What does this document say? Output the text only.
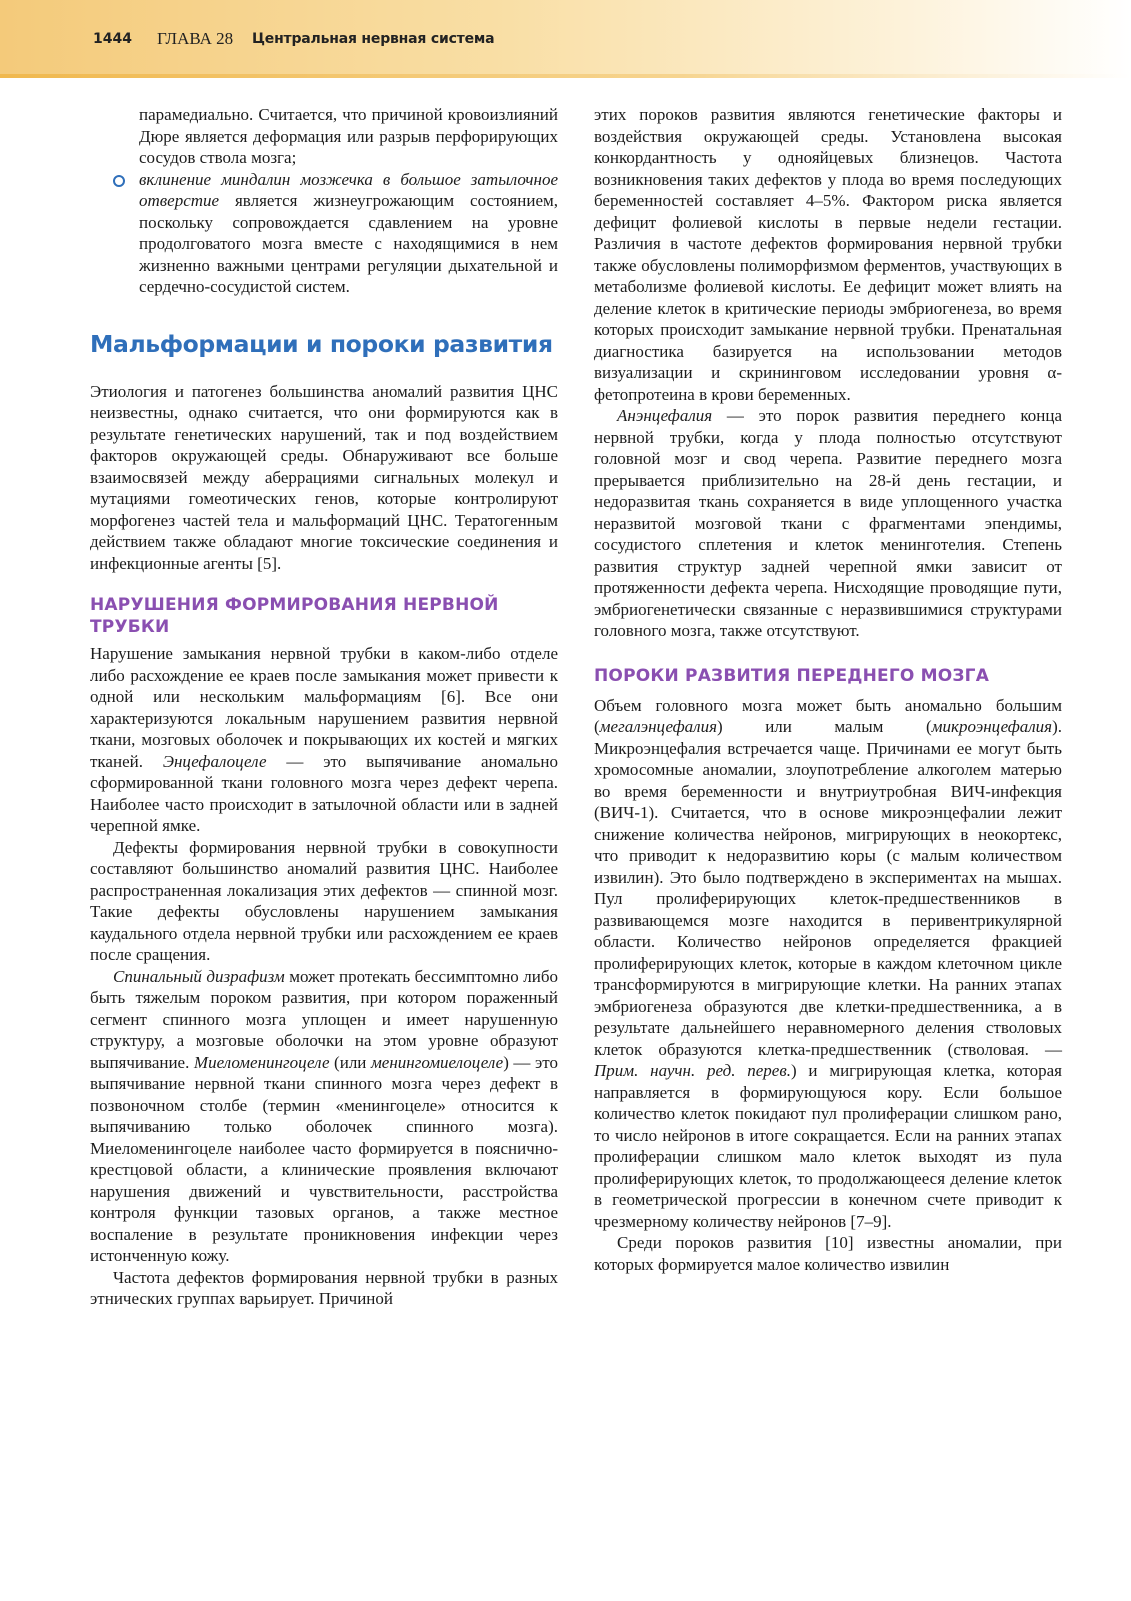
1444 ГЛАВА 28 Центральная нервная система

парамедиально. Считается, что причиной кровоизлияний Дюре является деформация или разрыв перфорирующих сосудов ствола мозга;

вклинение миндалин мозжечка в большое затылочное отверстие является жизнеугрожающим состоянием, поскольку сопровождается сдавлением на уровне продолговатого мозга вместе с находящимися в нем жизненно важными центрами регуляции дыхательной и сердечно-сосудистой систем.

Мальформации и пороки развития

Этиология и патогенез большинства аномалий развития ЦНС неизвестны, однако считается, что они формируются как в результате генетических нарушений, так и под воздействием факторов окружающей среды. Обнаруживают все больше взаимосвязей между аберрациями сигнальных молекул и мутациями гомеотических генов, которые контролируют морфогенез частей тела и мальформаций ЦНС. Тератогенным действием также обладают многие токсические соединения и инфекционные агенты [5].

НАРУШЕНИЯ ФОРМИРОВАНИЯ НЕРВНОЙ ТРУБКИ

Нарушение замыкания нервной трубки в каком-либо отделе либо расхождение ее краев после замыкания может привести к одной или нескольким мальформациям [6]. Все они характеризуются локальным нарушением развития нервной ткани, мозговых оболочек и покрывающих их костей и мягких тканей. Энцефалоцеле — это выпячивание аномально сформированной ткани головного мозга через дефект черепа. Наиболее часто происходит в затылочной области или в задней черепной ямке.

Дефекты формирования нервной трубки в совокупности составляют большинство аномалий развития ЦНС. Наиболее распространенная локализация этих дефектов — спинной мозг. Такие дефекты обусловлены нарушением замыкания каудального отдела нервной трубки или расхождением ее краев после сращения.

Спинальный дизрафизм может протекать бессимптомно либо быть тяжелым пороком развития, при котором пораженный сегмент спинного мозга уплощен и имеет нарушенную структуру, а мозговые оболочки на этом уровне образуют выпячивание. Миеломенингоцеле (или менингомиелоцеле) — это выпячивание нервной ткани спинного мозга через дефект в позвоночном столбе (термин «менингоцеле» относится к выпячиванию только оболочек спинного мозга). Миеломенингоцеле наиболее часто формируется в пояснично-крестцовой области, а клинические проявления включают нарушения движений и чувствительности, расстройства контроля функции тазовых органов, а также местное воспаление в результате проникновения инфекции через истонченную кожу.

Частота дефектов формирования нервной трубки в разных этнических группах варьирует. Причиной

этих пороков развития являются генетические факторы и воздействия окружающей среды. Установлена высокая конкордантность у однояйцевых близнецов. Частота возникновения таких дефектов у плода во время последующих беременностей составляет 4–5%. Фактором риска является дефицит фолиевой кислоты в первые недели гестации. Различия в частоте дефектов формирования нервной трубки также обусловлены полиморфизмом ферментов, участвующих в метаболизме фолиевой кислоты. Ее дефицит может влиять на деление клеток в критические периоды эмбриогенеза, во время которых происходит замыкание нервной трубки. Пренатальная диагностика базируется на использовании методов визуализации и скрининговом исследовании уровня α-фетопротеина в крови беременных.

Анэнцефалия — это порок развития переднего конца нервной трубки, когда у плода полностью отсутствуют головной мозг и свод черепа. Развитие переднего мозга прерывается приблизительно на 28-й день гестации, и недоразвитая ткань сохраняется в виде уплощенного участка неразвитой мозговой ткани с фрагментами эпендимы, сосудистого сплетения и клеток менинготелия. Степень развития структур задней черепной ямки зависит от протяженности дефекта черепа. Нисходящие проводящие пути, эмбриогенетически связанные с неразвившимися структурами головного мозга, также отсутствуют.

ПОРОКИ РАЗВИТИЯ ПЕРЕДНЕГО МОЗГА

Объем головного мозга может быть аномально большим (мегалэнцефалия) или малым (микроэнцефалия). Микроэнцефалия встречается чаще. Причинами ее могут быть хромосомные аномалии, злоупотребление алкоголем матерью во время беременности и внутриутробная ВИЧ-инфекция (ВИЧ-1). Считается, что в основе микроэнцефалии лежит снижение количества нейронов, мигрирующих в неокортекс, что приводит к недоразвитию коры (с малым количеством извилин). Это было подтверждено в экспериментах на мышах. Пул пролиферирующих клеток-предшественников в развивающемся мозге находится в перивентрикулярной области. Количество нейронов определяется фракцией пролиферирующих клеток, которые в каждом клеточном цикле трансформируются в мигрирующие клетки. На ранних этапах эмбриогенеза образуются две клетки-предшественника, а в результате дальнейшего неравномерного деления стволовых клеток образуются клетка-предшественник (стволовая. — Прим. научн. ред. перев.) и мигрирующая клетка, которая направляется в формирующуюся кору. Если большое количество клеток покидают пул пролиферации слишком рано, то число нейронов в итоге сокращается. Если на ранних этапах пролиферации слишком мало клеток выходят из пула пролиферирующих клеток, то продолжающееся деление клеток в геометрической прогрессии в конечном счете приводит к чрезмерному количеству нейронов [7–9].

Среди пороков развития [10] известны аномалии, при которых формируется малое количество извилин
